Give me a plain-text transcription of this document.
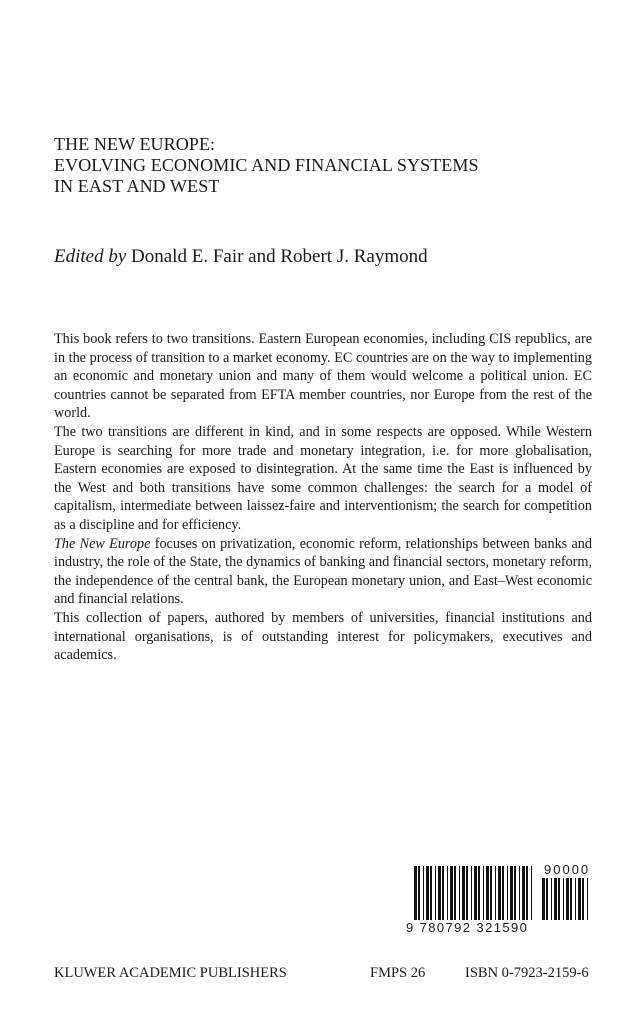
THE NEW EUROPE:
EVOLVING ECONOMIC AND FINANCIAL SYSTEMS
IN EAST AND WEST
Edited by Donald E. Fair and Robert J. Raymond

This book refers to two transitions. Eastern European economies, including CIS republics, are in the process of transition to a market economy. EC countries are on the way to implementing an economic and monetary union and many of them would welcome a political union. EC countries cannot be separated from EFTA member countries, nor Europe from the rest of the world.

The two transitions are different in kind, and in some respects are opposed. While Western Europe is searching for more trade and monetary integration, i.e. for more globalisation, Eastern economies are exposed to disintegration. At the same time the East is influenced by the West and both transitions have some common challenges: the search for a model of capitalism, intermediate between laissez-faire and interventionism; the search for competition as a discipline and for efficiency.

The New Europe focuses on privatization, economic reform, relationships between banks and industry, the role of the State, the dynamics of banking and financial sectors, monetary reform, the independence of the central bank, the European monetary union, and East–West economic and financial relations.

This collection of papers, authored by members of universities, financial institutions and international organisations, is of outstanding interest for policymakers, executives and academics.

9 780792 321590
90000
KLUWER ACADEMIC PUBLISHERS	FMPS 26	ISBN 0-7923-2159-6
